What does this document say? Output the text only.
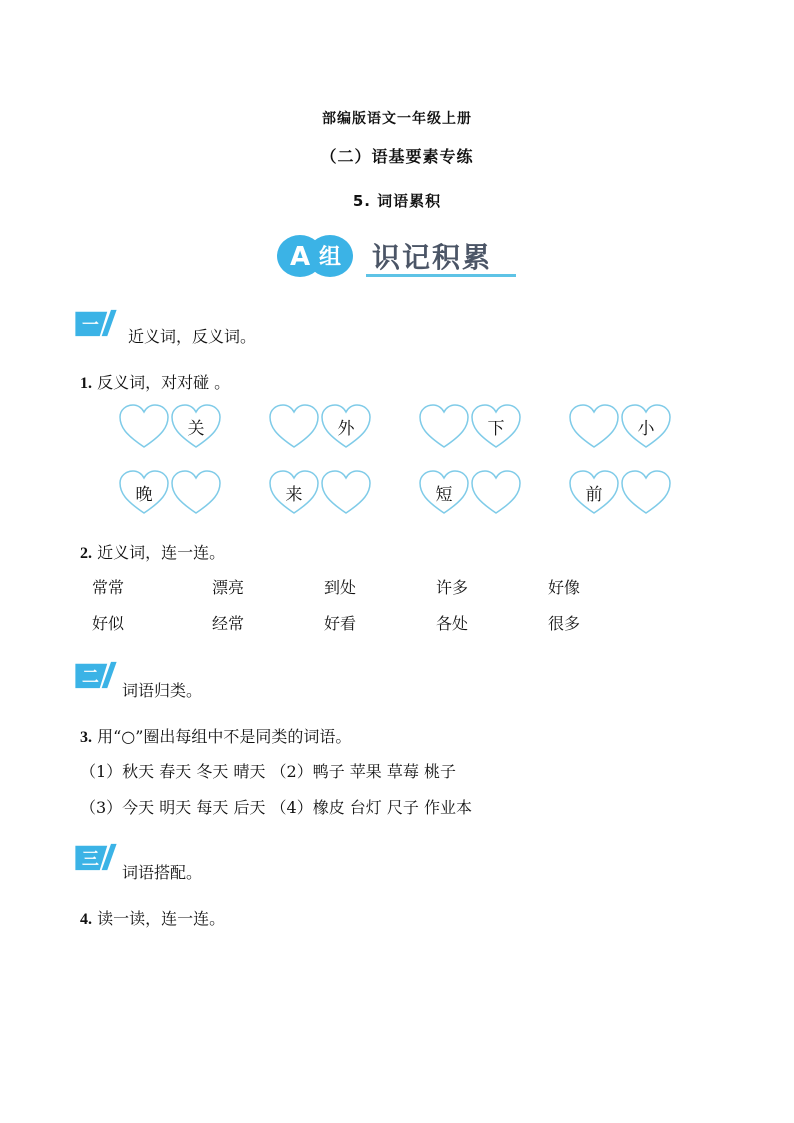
部编版语文一年级上册
（二）语基要素专练
5. 词语累积
A 组 识记积累
一
近义词，反义词。
1. 反义词，对对碰 。
关	外	下	小
晚	来	短	前
2. 近义词，连一连。
常常	漂亮	到处	许多	好像
好似	经常	好看	各处	很多
二
词语归类。
3. 用“○”圈出每组中不是同类的词语。
（1）秋天 春天 冬天 晴天 （2）鸭子 苹果 草莓 桃子
（3）今天 明天 每天 后天 （4）橡皮 台灯 尺子 作业本
三
词语搭配。
4. 读一读，连一连。
